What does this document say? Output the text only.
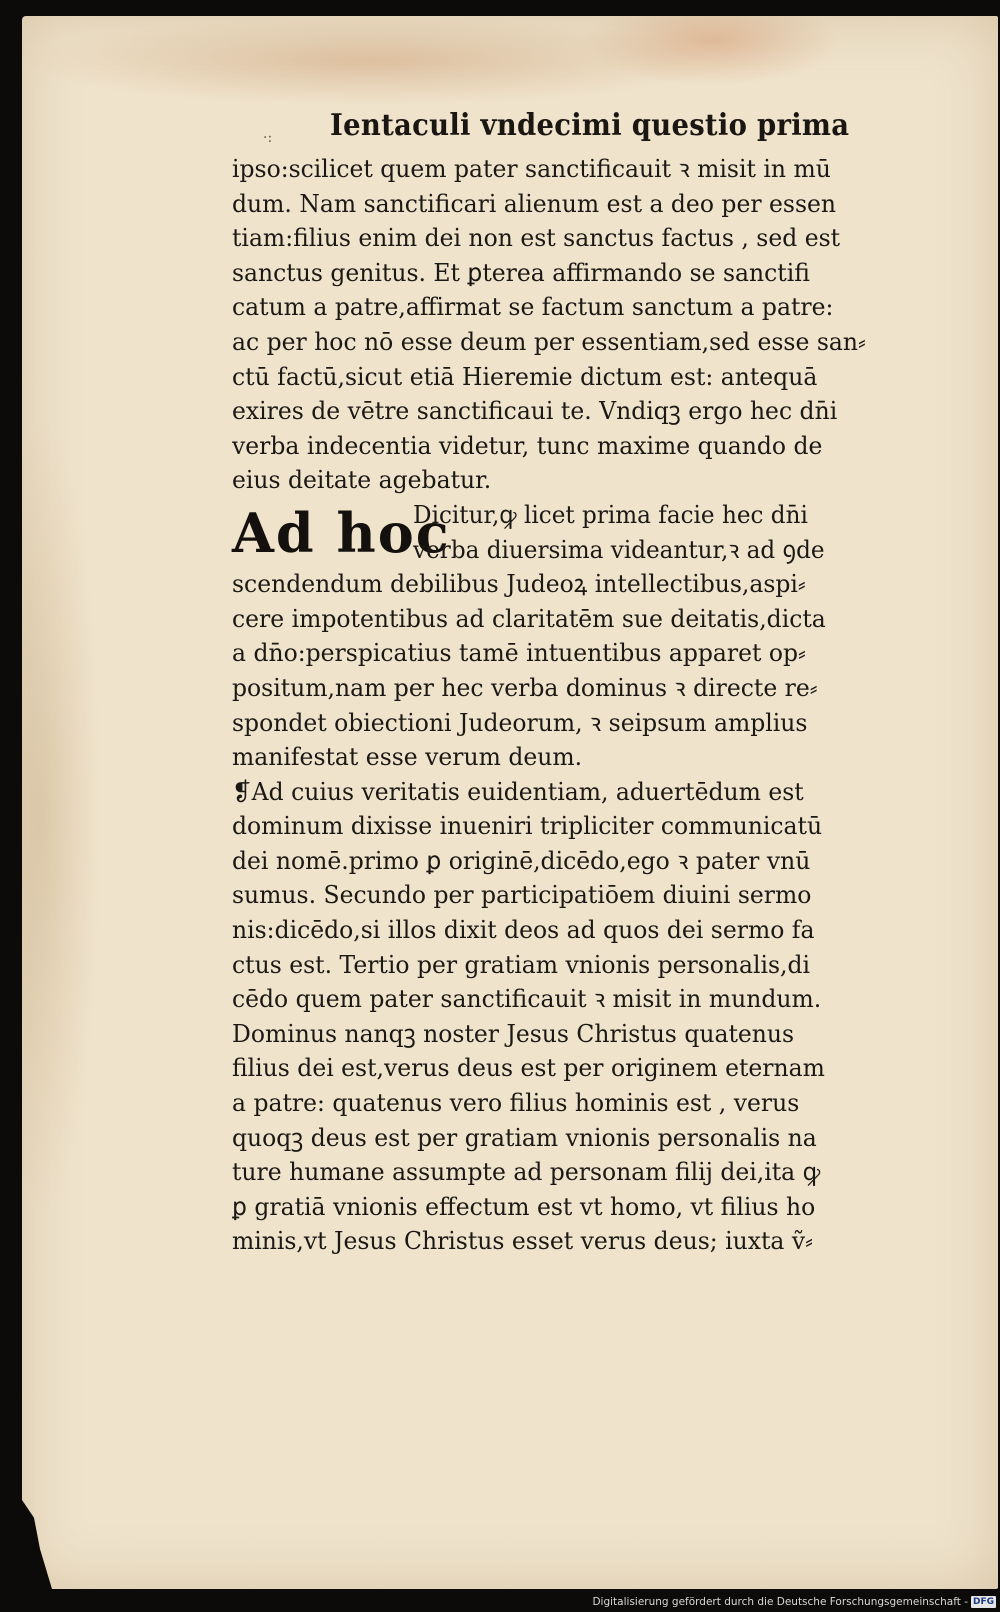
·: Ientaculi vndecimi questio prima
ipso:scilicet quem pater sanctificauit ꝛ misit in mū
dum. Nam sanctificari alienum est a deo per essen
tiam:filius enim dei non est sanctus factus , sed est
sanctus genitus. Et ꝑterea affirmando se sanctifi
catum a patre,affirmat se factum sanctum a patre:
ac per hoc nō esse deum per essentiam,sed esse san⸗
ctū factū,sicut etiā Hieremie dictum est: antequā
exires de vētre sanctificaui te. Vndiqꝫ ergo hec dn̄i
verba indecentia videtur, tunc maxime quando de
eius deitate agebatur.
Ad hoc
Dicitur,ꝙ licet prima facie hec dn̄i
verba diuersima videantur,ꝛ ad ꝯde
scendendum debilibus Judeoꝝ intellectibus,aspi⸗
cere impotentibus ad claritatēm sue deitatis,dicta
a dn̄o:perspicatius tamē intuentibus apparet op⸗
positum,nam per hec verba dominus ꝛ directe re⸗
spondet obiectioni Judeorum, ꝛ seipsum amplius
manifestat esse verum deum.
❡Ad cuius veritatis euidentiam, aduertēdum est
dominum dixisse inueniri tripliciter communicatū
dei nomē.primo ꝑ originē,dicēdo,ego ꝛ pater vnū
sumus. Secundo per participatiōem diuini sermo
nis:dicēdo,si illos dixit deos ad quos dei sermo fa
ctus est. Tertio per gratiam vnionis personalis,di
cēdo quem pater sanctificauit ꝛ misit in mundum.
Dominus nanqꝫ noster Jesus Christus quatenus
filius dei est,verus deus est per originem eternam
a patre: quatenus vero filius hominis est , verus
quoqꝫ deus est per gratiam vnionis personalis na
ture humane assumpte ad personam filij dei,ita ꝙ
ꝑ gratiā vnionis effectum est vt homo, vt filius ho
minis,vt Jesus Christus esset verus deus; iuxta ṽ⸗
Digitalisierung gefördert durch die Deutsche Forschungsgemeinschaft - DFG
